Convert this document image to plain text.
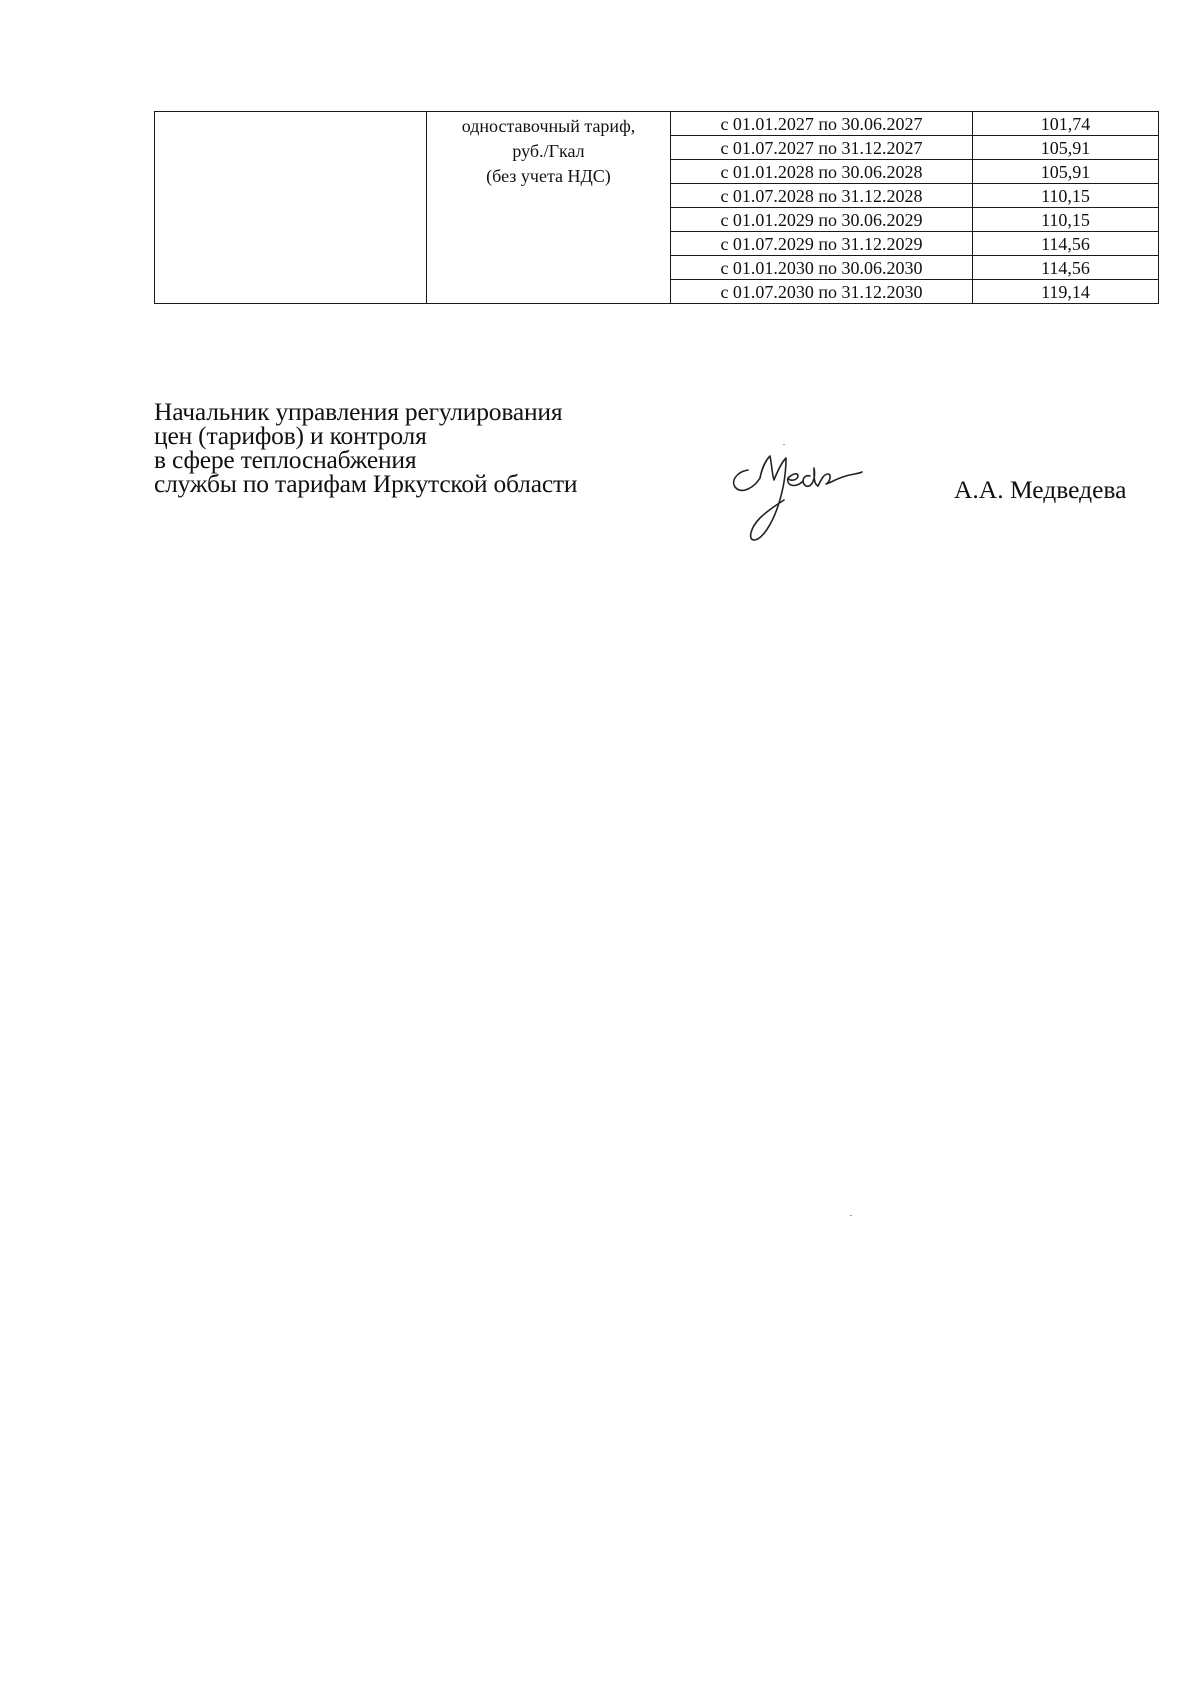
	одноставочный тариф,
руб./Гкал
(без учета НДС)	с 01.01.2027 по 30.06.2027	101,74
		с 01.07.2027 по 31.12.2027	105,91
		с 01.01.2028 по 30.06.2028	105,91
		с 01.07.2028 по 31.12.2028	110,15
		с 01.01.2029 по 30.06.2029	110,15
		с 01.07.2029 по 31.12.2029	114,56
		с 01.01.2030 по 30.06.2030	114,56
		с 01.07.2030 по 31.12.2030	119,14
Начальник управления регулирования
цен (тарифов) и контроля
в сфере теплоснабжения
службы по тарифам Иркутской области	А.А. Медведева
